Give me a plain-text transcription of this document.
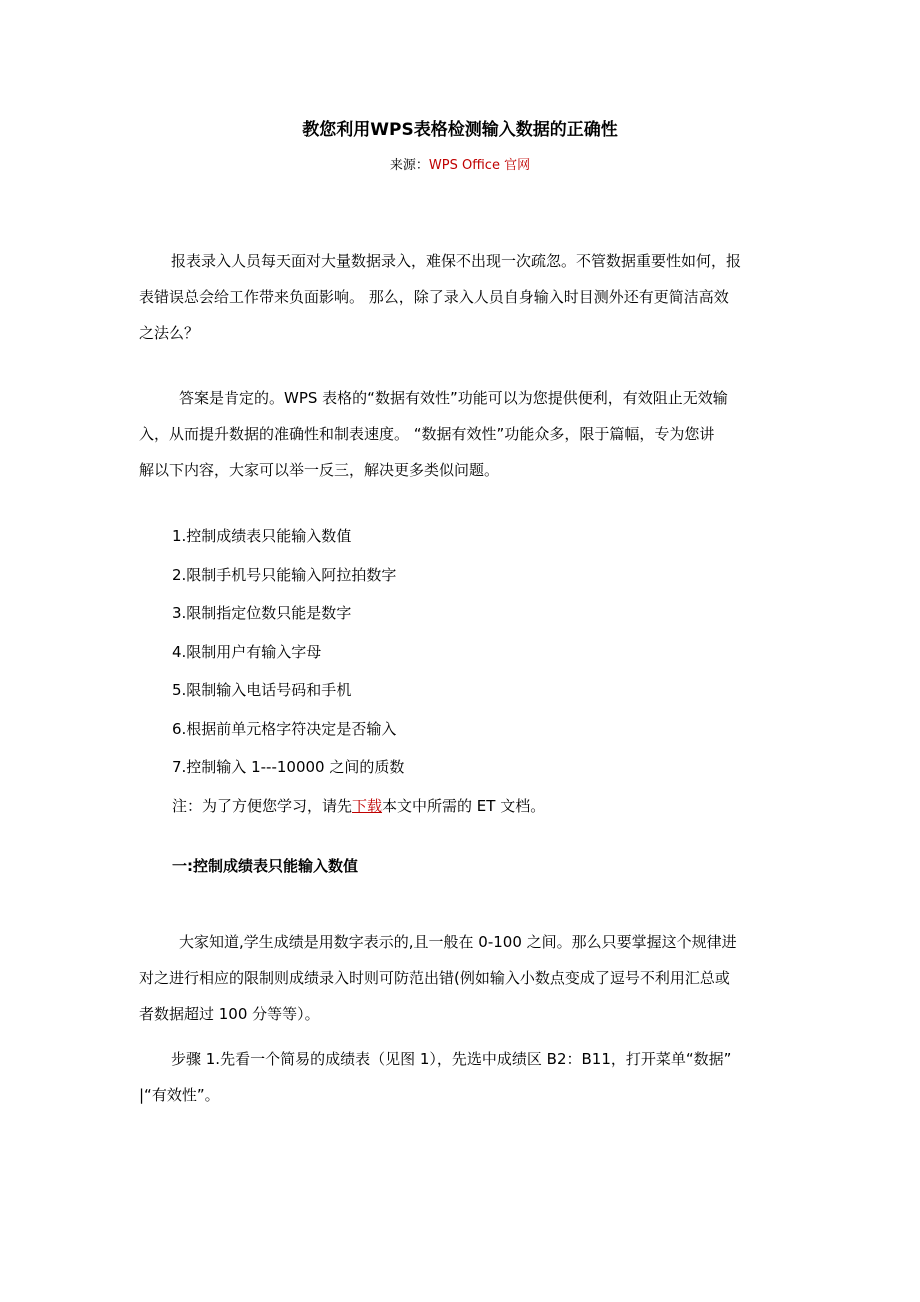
教您利用WPS表格检测输入数据的正确性
来源：WPS Office 官网
报表录入人员每天面对大量数据录入，难保不出现一次疏忽。不管数据重要性如何，报
表错误总会给工作带来负面影响。 那么，除了录入人员自身输入时目测外还有更简洁高效
之法么？
答案是肯定的。WPS 表格的“数据有效性”功能可以为您提供便利，有效阻止无效输
入，从而提升数据的准确性和制表速度。 “数据有效性”功能众多，限于篇幅，专为您讲
解以下内容，大家可以举一反三，解决更多类似问题。
1.控制成绩表只能输入数值
2.限制手机号只能输入阿拉拍数字
3.限制指定位数只能是数字
4.限制用户有输入字母
5.限制输入电话号码和手机
6.根据前单元格字符决定是否输入
7.控制输入 1---10000 之间的质数

注：为了方便您学习，请先下载本文中所需的 ET 文档。

一:控制成绩表只能输入数值
大家知道,学生成绩是用数字表示的,且一般在 0-100 之间。那么只要掌握这个规律进
对之进行相应的限制则成绩录入时则可防范出错(例如输入小数点变成了逗号不利用汇总或
者数据超过 100 分等等）。
步骤 1.先看一个简易的成绩表（见图 1），先选中成绩区 B2：B11，打开菜单“数据”
|“有效性”。
